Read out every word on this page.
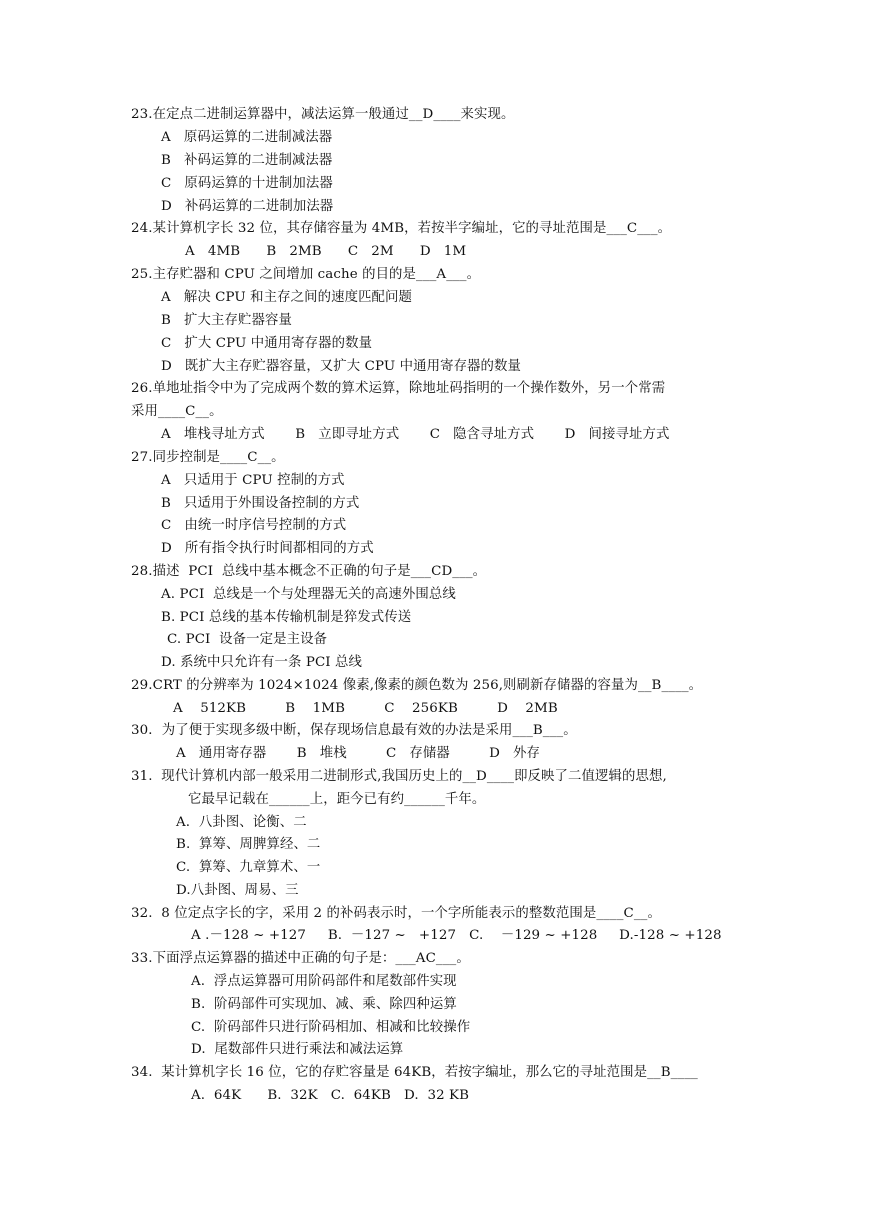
23.在定点二进制运算器中，减法运算一般通过__D____来实现。
A   原码运算的二进制减法器
B   补码运算的二进制减法器
C   原码运算的十进制加法器
D   补码运算的二进制加法器
24.某计算机字长 32 位，其存储容量为 4MB，若按半字编址，它的寻址范围是___C___。
A   4MB      B   2MB      C   2M      D   1M
25.主存贮器和 CPU 之间增加 cache 的目的是___A___。
A   解决 CPU 和主存之间的速度匹配问题
B   扩大主存贮器容量
C   扩大 CPU 中通用寄存器的数量
D   既扩大主存贮器容量，又扩大 CPU 中通用寄存器的数量
26.单地址指令中为了完成两个数的算术运算，除地址码指明的一个操作数外，另一个常需
采用____C__。
A   堆栈寻址方式       B   立即寻址方式       C   隐含寻址方式       D   间接寻址方式
27.同步控制是____C__。
A   只适用于 CPU 控制的方式
B   只适用于外围设备控制的方式
C   由统一时序信号控制的方式
D   所有指令执行时间都相同的方式
28.描述  PCI  总线中基本概念不正确的句子是___CD___。
A. PCI  总线是一个与处理器无关的高速外围总线
B. PCI 总线的基本传输机制是猝发式传送
C. PCI  设备一定是主设备
D. 系统中只允许有一条 PCI 总线
29.CRT 的分辨率为 1024×1024 像素,像素的颜色数为 256,则刷新存储器的容量为__B____。
A    512KB         B    1MB         C    256KB         D    2MB
30．为了便于实现多级中断，保存现场信息最有效的办法是采用___B___。
A   通用寄存器       B   堆栈         C   存储器         D   外存
31.  现代计算机内部一般采用二进制形式,我国历史上的__D____即反映了二值逻辑的思想,
它最早记载在______上，距今已有约______千年。
A.  八卦图、论衡、二
B.  算筹、周脾算经、二
C.  算筹、九章算术、一
D.八卦图、周易、三
32.  8 位定点字长的字，采用 2 的补码表示时，一个字所能表示的整数范围是____C__。
A .－128 ~ +127     B.  －127 ~   +127   C.    －129 ~ +128     D.-128 ~ +128
33.下面浮点运算器的描述中正确的句子是：___AC___。
A.  浮点运算器可用阶码部件和尾数部件实现
B.  阶码部件可实现加、减、乘、除四种运算
C.  阶码部件只进行阶码相加、相减和比较操作
D.  尾数部件只进行乘法和减法运算
34.  某计算机字长 16 位，它的存贮容量是 64KB，若按字编址，那么它的寻址范围是__B____
A.  64K      B.  32K   C.  64KB   D.  32 KB
